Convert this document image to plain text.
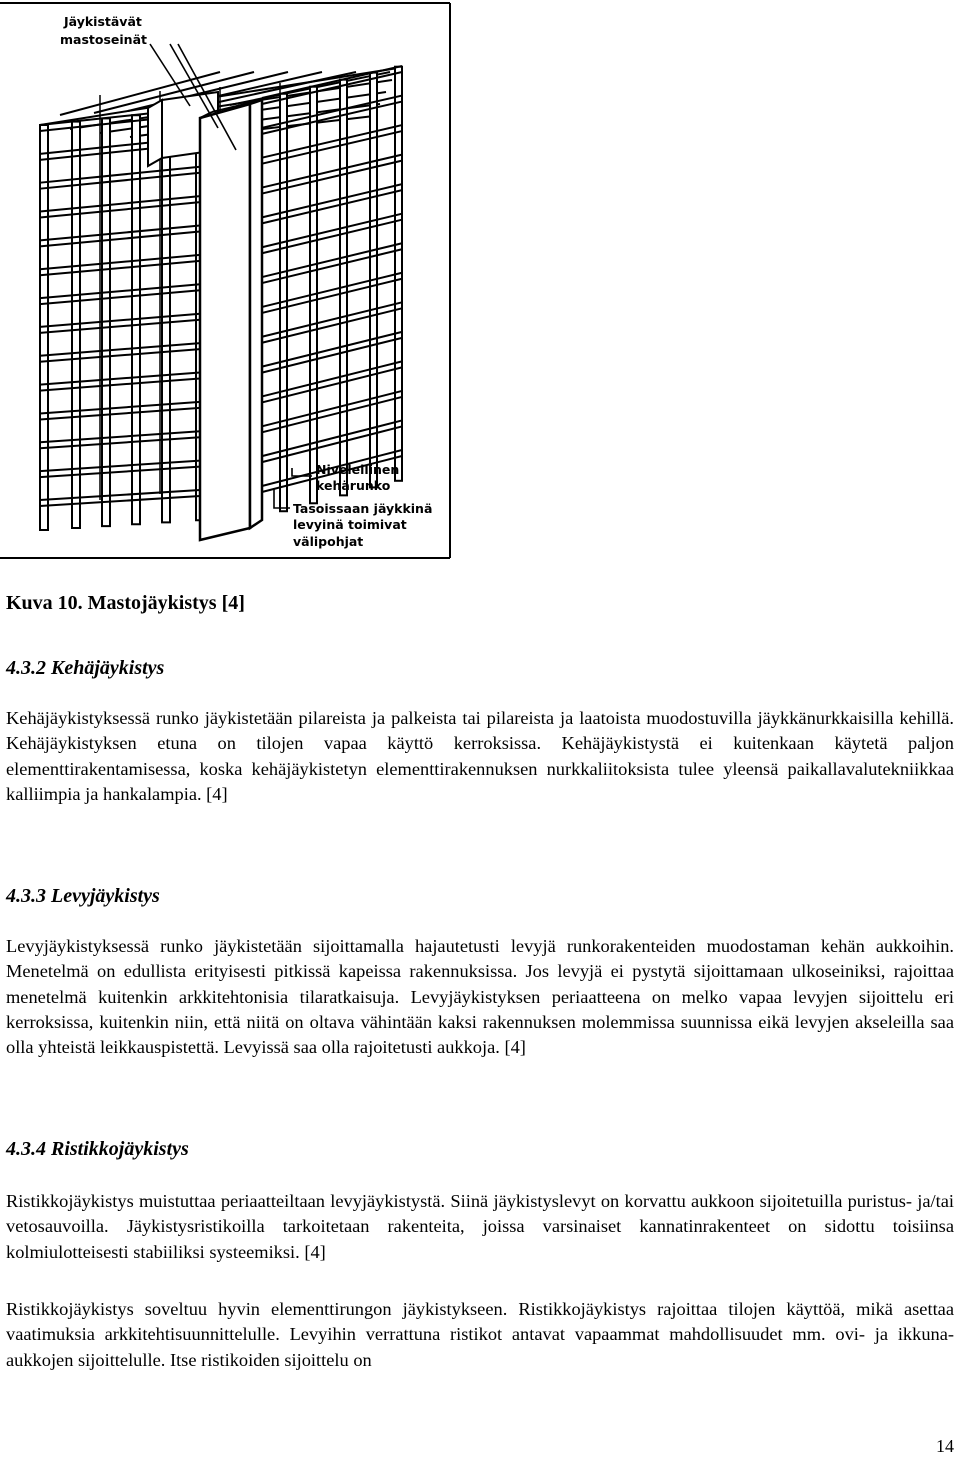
Jäykistävät
mastoseinät
Nivelellinen
kehärunko
Tasoissaan jäykkinä
levyinä toimivat
välipohjat

Kuva 10. Mastojäykistys [4]

4.3.2 Kehäjäykistys

Kehäjäykistyksessä runko jäykistetään pilareista ja palkeista tai pilareista ja laatoista muodostuvilla jäykkänurkkaisilla kehillä. Kehäjäykistyksen etuna on tilojen vapaa käyttö kerroksissa. Kehäjäykistystä ei kuitenkaan käytetä paljon elementtirakentamisessa, koska kehäjäykistetyn elementtirakennuksen nurkkaliitoksista tulee yleensä paikallavalutekniikkaa kalliimpia ja hankalampia. [4]

4.3.3 Levyjäykistys

Levyjäykistyksessä runko jäykistetään sijoittamalla hajautetusti levyjä runkorakenteiden muodostaman kehän aukkoihin. Menetelmä on edullista erityisesti pitkissä kapeissa rakennuksissa. Jos levyjä ei pystytä sijoittamaan ulkoseiniksi, rajoittaa menetelmä kuitenkin arkkitehtonisia tilaratkaisuja. Levyjäykistyksen periaatteena on melko vapaa levyjen sijoittelu eri kerroksissa, kuitenkin niin, että niitä on oltava vähintään kaksi rakennuksen molemmissa suunnissa eikä levyjen akseleilla saa olla yhteistä leikkauspistettä. Levyissä saa olla rajoitetusti aukkoja. [4]

4.3.4 Ristikkojäykistys

Ristikkojäykistys muistuttaa periaatteiltaan levyjäykistystä. Siinä jäykistyslevyt on korvattu aukkoon sijoitetuilla puristus- ja/tai vetosauvoilla. Jäykistysristikoilla tarkoitetaan rakenteita, joissa varsinaiset kannatinrakenteet on sidottu toisiinsa kolmiulotteisesti stabiiliksi systeemiksi. [4]

Ristikkojäykistys soveltuu hyvin elementtirungon jäykistykseen. Ristikkojäykistys rajoittaa tilojen käyttöä, mikä asettaa vaatimuksia arkkitehtisuunnittelulle. Levyihin verrattuna ristikot antavat vapaammat mahdollisuudet mm. ovi- ja ikkuna-aukkojen sijoittelulle. Itse ristikoiden sijoittelu on

14
